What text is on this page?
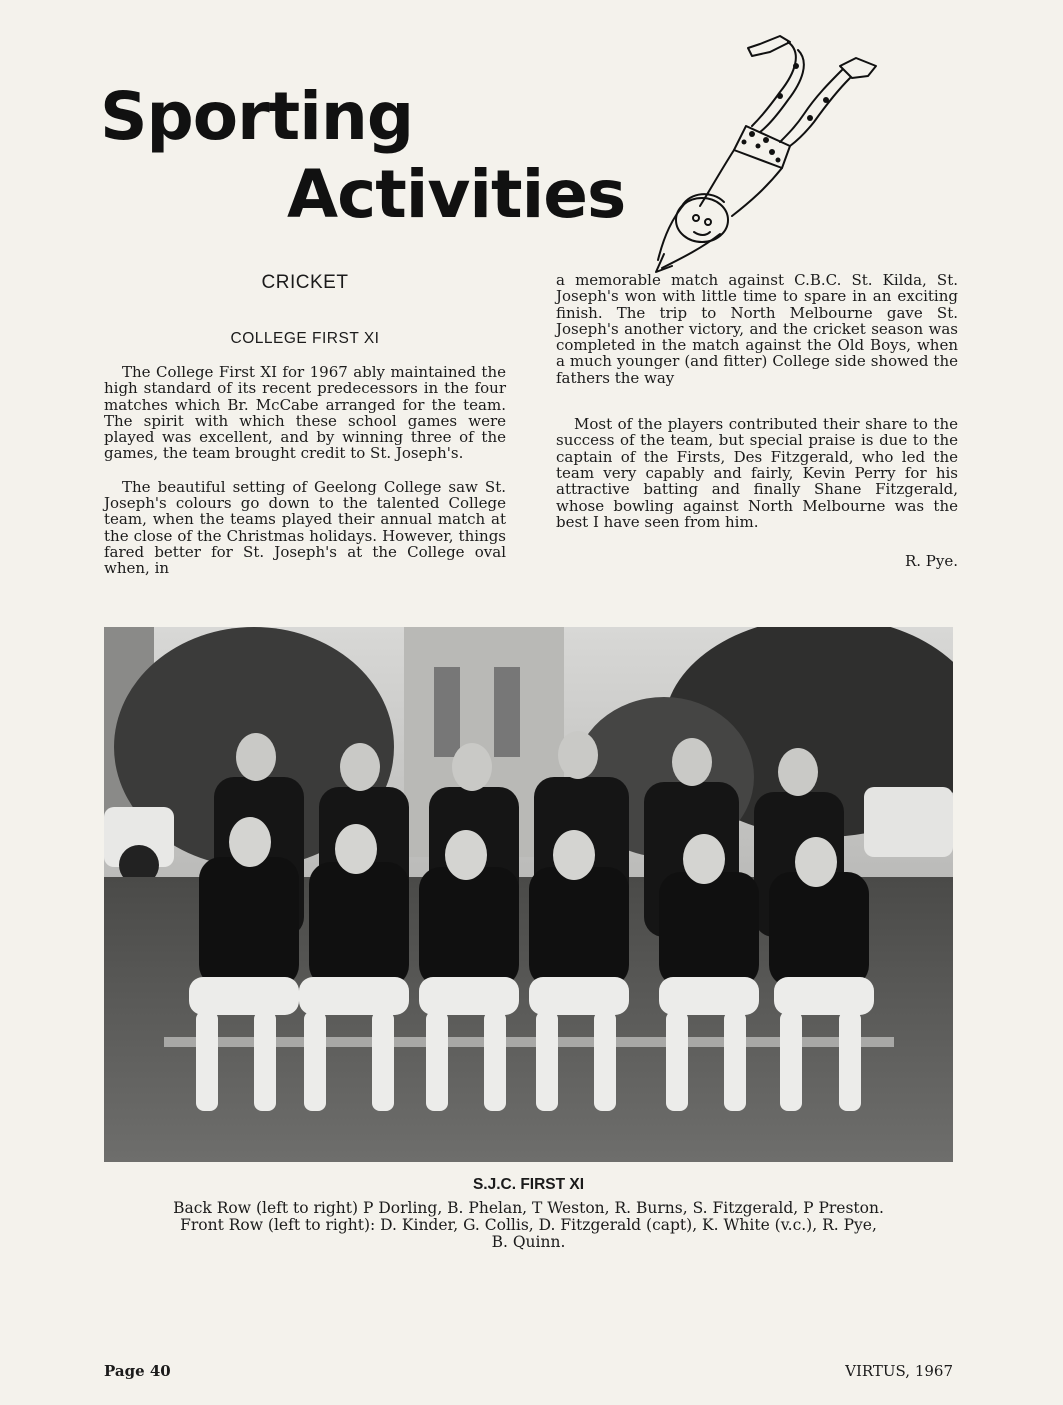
Sporting
Activities
CRICKET
COLLEGE FIRST XI

The College First XI for 1967 ably maintained the high standard of its recent predecessors in the four matches which Br. McCabe arranged for the team. The spirit with which these school games were played was excellent, and by winning three of the games, the team brought credit to St. Joseph's.

The beautiful setting of Geelong College saw St. Joseph's colours go down to the talented College team, when the teams played their annual match at the close of the Christmas holidays. However, things fared better for St. Joseph's at the College oval when, in

a memorable match against C.B.C. St. Kilda, St. Joseph's won with little time to spare in an exciting finish. The trip to North Melbourne gave St. Joseph's another victory, and the cricket season was completed in the match against the Old Boys, when a much younger (and fitter) College side showed the fathers the way

Most of the players contributed their share to the success of the team, but special praise is due to the captain of the Firsts, Des Fitzgerald, who led the team very capably and fairly, Kevin Perry for his attractive batting and finally Shane Fitzgerald, whose bowling against North Melbourne was the best I have seen from him.

R. Pye.

S.J.C. FIRST XI
Back Row (left to right) P Dorling, B. Phelan, T Weston, R. Burns, S. Fitzgerald, P Preston.
Front Row (left to right): D. Kinder, G. Collis, D. Fitzgerald (capt), K. White (v.c.), R. Pye,
B. Quinn.
Page 40	VIRTUS, 1967
